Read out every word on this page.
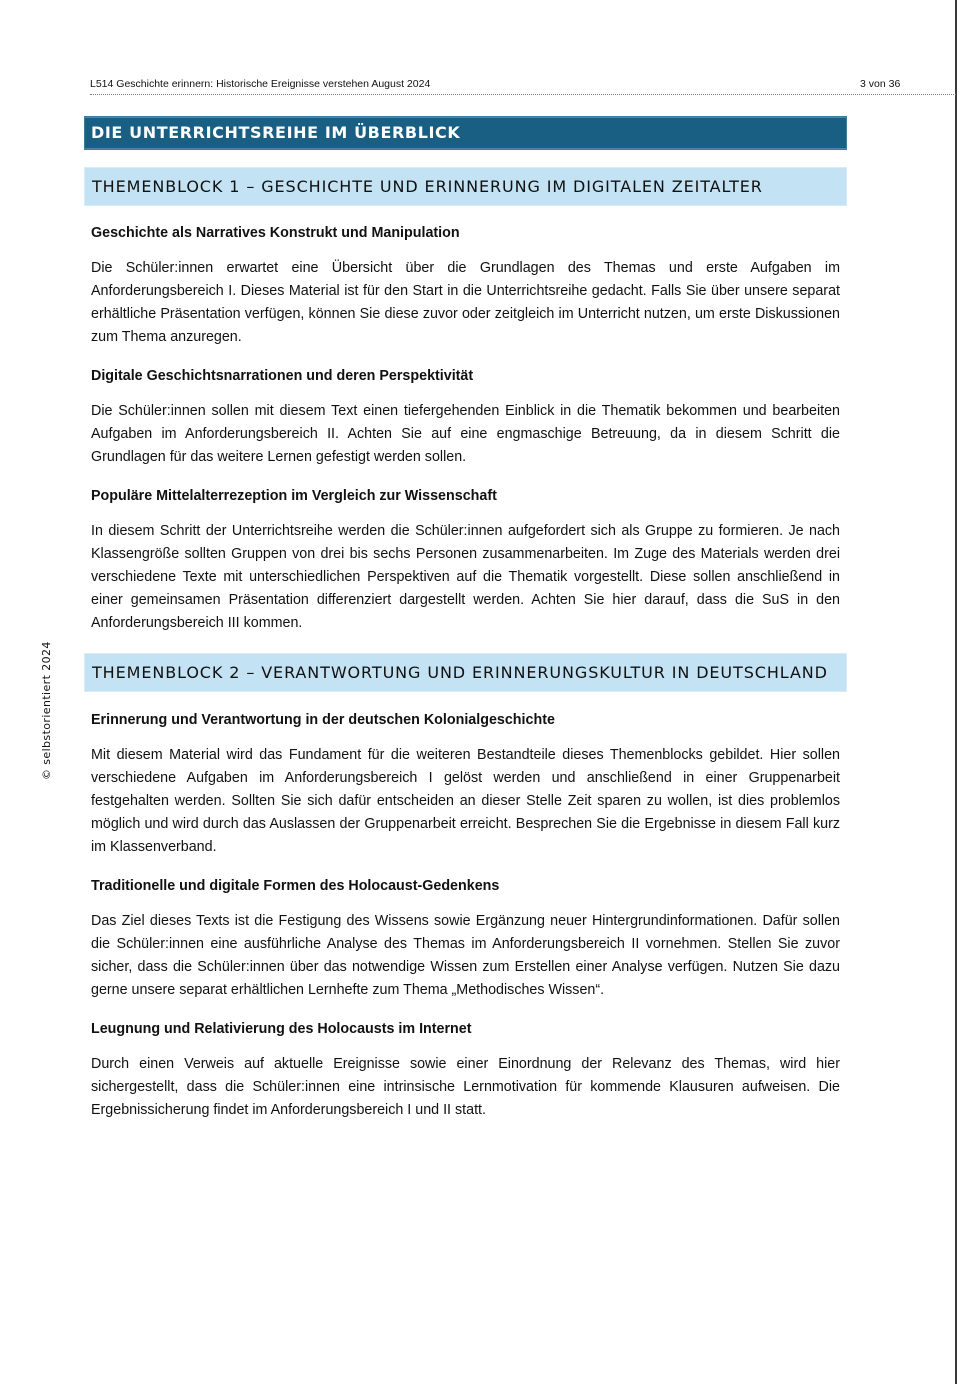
L514 Geschichte erinnern: Historische Ereignisse verstehen August 2024	3 von 36
© selbstorientiert 2024
DIE UNTERRICHTSREIHE IM ÜBERBLICK
THEMENBLOCK 1 – GESCHICHTE UND ERINNERUNG IM DIGITALEN ZEITALTER

Geschichte als Narratives Konstrukt und Manipulation

Die Schüler:innen erwartet eine Übersicht über die Grundlagen des Themas und erste Aufgaben im Anforderungsbereich I. Dieses Material ist für den Start in die Unterrichtsreihe gedacht. Falls Sie über unsere separat erhältliche Präsentation verfügen, können Sie diese zuvor oder zeitgleich im Unterricht nutzen, um erste Diskussionen zum Thema anzuregen.

Digitale Geschichtsnarrationen und deren Perspektivität

Die Schüler:innen sollen mit diesem Text einen tiefergehenden Einblick in die Thematik bekommen und bearbeiten Aufgaben im Anforderungsbereich II. Achten Sie auf eine engmaschige Betreuung, da in diesem Schritt die Grundlagen für das weitere Lernen gefestigt werden sollen.

Populäre Mittelalterrezeption im Vergleich zur Wissenschaft

In diesem Schritt der Unterrichtsreihe werden die Schüler:innen aufgefordert sich als Gruppe zu formieren. Je nach Klassengröße sollten Gruppen von drei bis sechs Personen zusammenarbeiten. Im Zuge des Materials werden drei verschiedene Texte mit unterschiedlichen Perspektiven auf die Thematik vorgestellt. Diese sollen anschließend in einer gemeinsamen Präsentation differenziert dargestellt werden. Achten Sie hier darauf, dass die SuS in den Anforderungsbereich III kommen.

THEMENBLOCK 2 – VERANTWORTUNG UND ERINNERUNGSKULTUR IN DEUTSCHLAND

Erinnerung und Verantwortung in der deutschen Kolonialgeschichte

Mit diesem Material wird das Fundament für die weiteren Bestandteile dieses Themenblocks gebildet. Hier sollen verschiedene Aufgaben im Anforderungsbereich I gelöst werden und anschließend in einer Gruppenarbeit festgehalten werden. Sollten Sie sich dafür entscheiden an dieser Stelle Zeit sparen zu wollen, ist dies problemlos möglich und wird durch das Auslassen der Gruppenarbeit erreicht. Besprechen Sie die Ergebnisse in diesem Fall kurz im Klassenverband.

Traditionelle und digitale Formen des Holocaust-Gedenkens

Das Ziel dieses Texts ist die Festigung des Wissens sowie Ergänzung neuer Hintergrundinformationen. Dafür sollen die Schüler:innen eine ausführliche Analyse des Themas im Anforderungsbereich II vornehmen. Stellen Sie zuvor sicher, dass die Schüler:innen über das notwendige Wissen zum Erstellen einer Analyse verfügen. Nutzen Sie dazu gerne unsere separat erhältlichen Lernhefte zum Thema „Methodisches Wissen“.

Leugnung und Relativierung des Holocausts im Internet

Durch einen Verweis auf aktuelle Ereignisse sowie einer Einordnung der Relevanz des Themas, wird hier sichergestellt, dass die Schüler:innen eine intrinsische Lernmotivation für kommende Klausuren aufweisen. Die Ergebnissicherung findet im Anforderungsbereich I und II statt.
